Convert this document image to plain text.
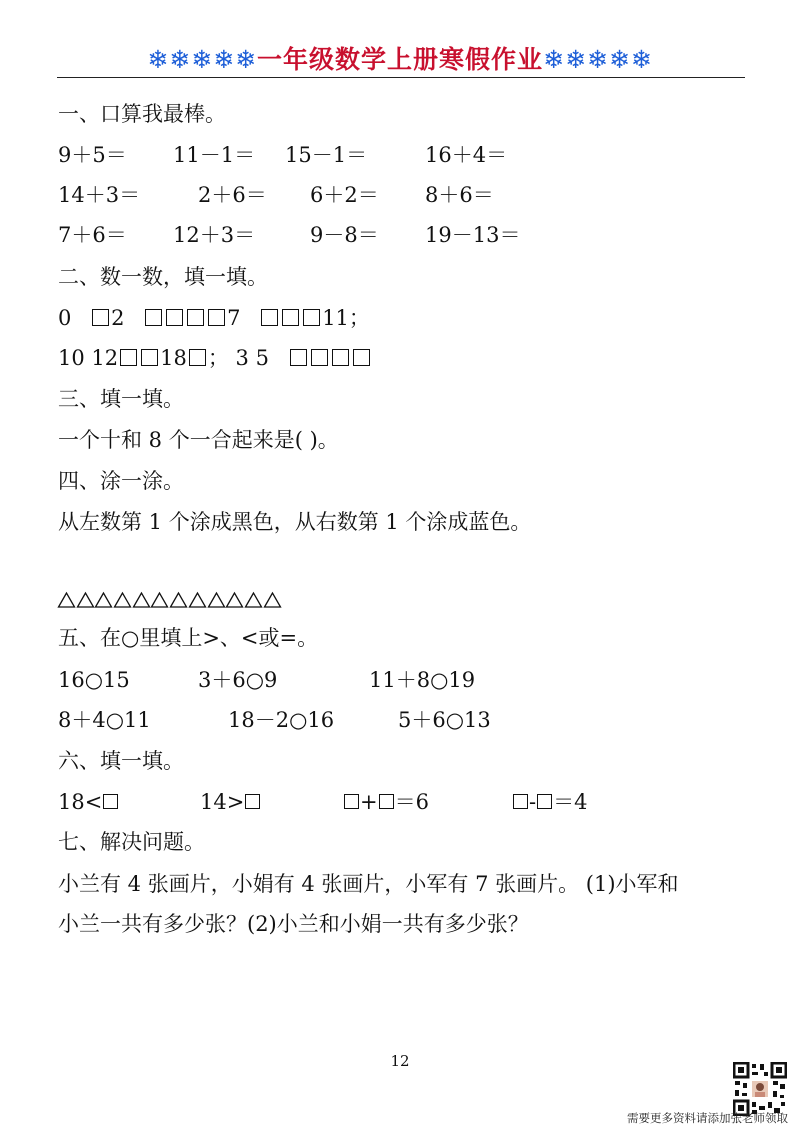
❄❄❄❄❄一年级数学上册寒假作业❄❄❄❄❄
一、口算我最棒。
9＋5＝ 11－1＝ 15－1＝	16＋4＝
14＋3＝	2＋6＝ 6＋2＝ 8＋6＝
7＋6＝ 12＋3＝	9－8＝ 19－13＝
二、数一数，填一填。
0 2	7	11；
10 12 18 ； 3 5
三、填一填。
一个十和 8 个一合起来是( )。
四、涂一涂。
从左数第 1 个涂成黑色，从右数第 1 个涂成蓝色。
五、在○里填上>、<或=。
16○15	3＋6○9	11＋8○19
8＋4○11	18－2○16	5＋6○13
六、填一填。
18<	14>	+ ＝6	- ＝4
七、解决问题。
小兰有 4 张画片，小娟有 4 张画片，小军有 7 张画片。 (1)小军和
小兰一共有多少张？(2)小兰和小娟一共有多少张？
12
需要更多资料请添加张老师领取
